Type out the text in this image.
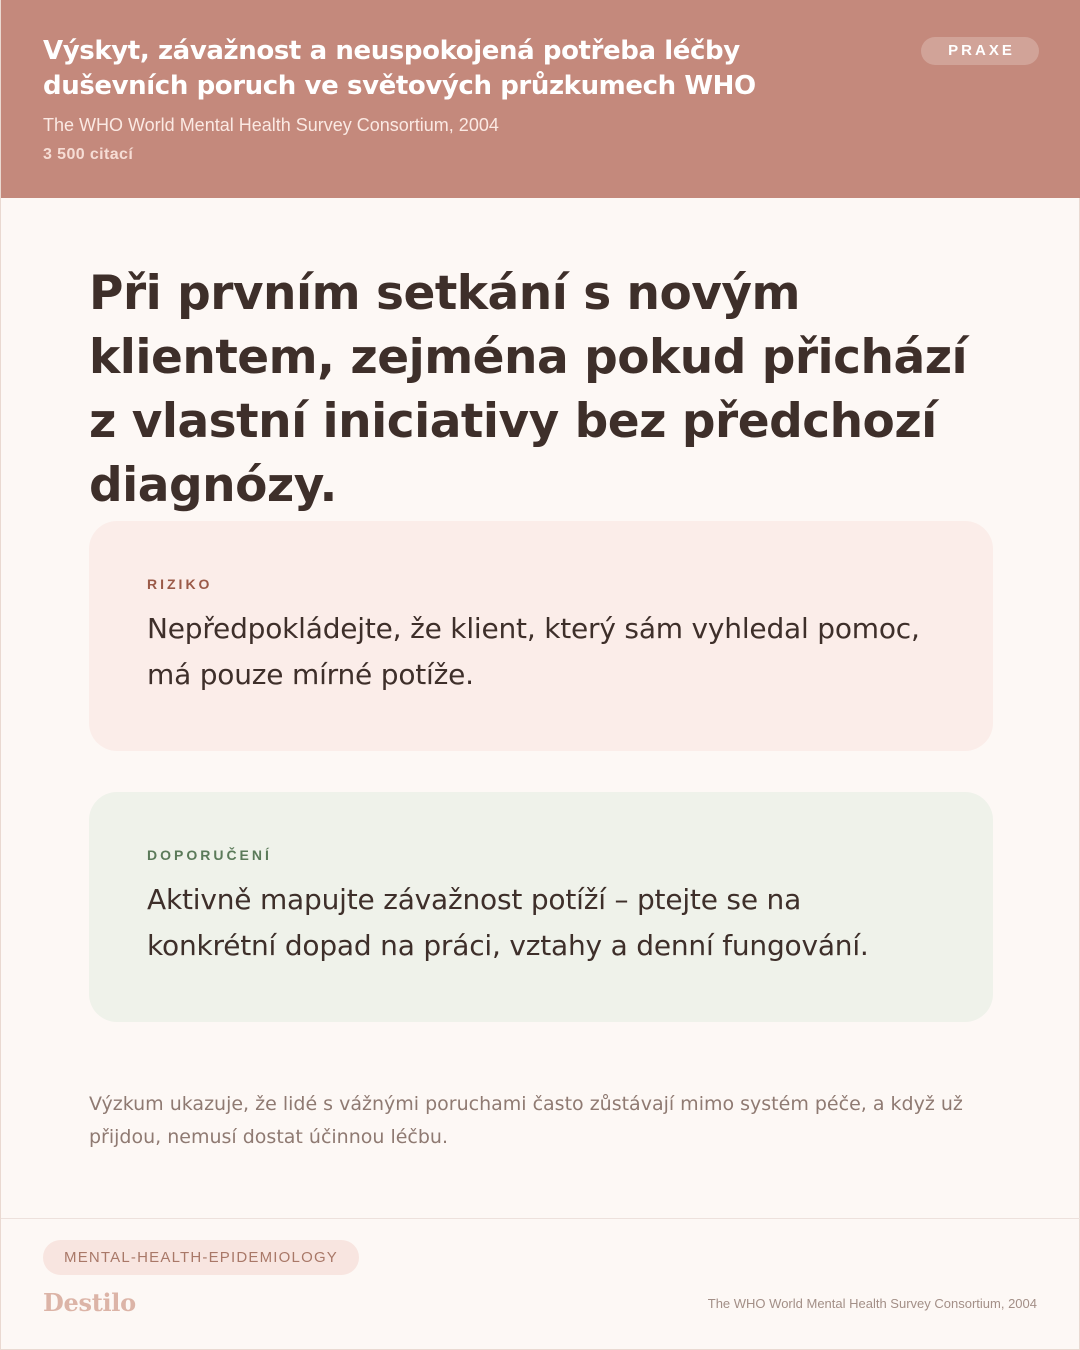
Výskyt, závažnost a neuspokojená potřeba léčby duševních poruch ve světových průzkumech WHO
The WHO World Mental Health Survey Consortium, 2004
3 500 citací
PRAXE
Při prvním setkání s novým klientem, zejména pokud přichází z vlastní iniciativy bez předchozí diagnózy.
RIZIKO
Nepředpokládejte, že klient, který sám vyhledal pomoc, má pouze mírné potíže.
DOPORUČENÍ
Aktivně mapujte závažnost potíží – ptejte se na konkrétní dopad na práci, vztahy a denní fungování.

Výzkum ukazuje, že lidé s vážnými poruchami často zůstávají mimo systém péče, a když už přijdou, nemusí dostat účinnou léčbu.

MENTAL-HEALTH-EPIDEMIOLOGY
Destilo	The WHO World Mental Health Survey Consortium, 2004
